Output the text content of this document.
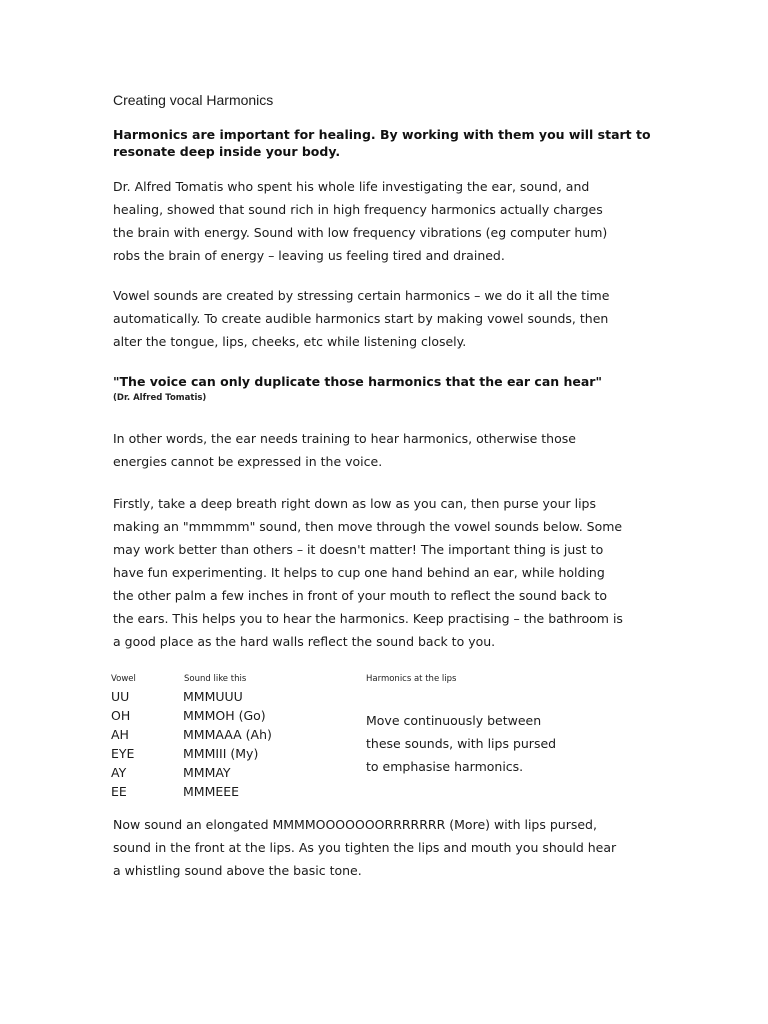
Creating vocal Harmonics
Harmonics are important for healing. By working with them you will start to
resonate deep inside your body.
Dr. Alfred Tomatis who spent his whole life investigating the ear, sound, and
healing, showed that sound rich in high frequency harmonics actually charges
the brain with energy. Sound with low frequency vibrations (eg computer hum)
robs the brain of energy – leaving us feeling tired and drained.
Vowel sounds are created by stressing certain harmonics – we do it all the time
automatically. To create audible harmonics start by making vowel sounds, then
alter the tongue, lips, cheeks, etc while listening closely.
"The voice can only duplicate those harmonics that the ear can hear"
(Dr. Alfred Tomatis)
In other words, the ear needs training to hear harmonics, otherwise those
energies cannot be expressed in the voice.
Firstly, take a deep breath right down as low as you can, then purse your lips
making an "mmmmm" sound, then move through the vowel sounds below. Some
may work better than others – it doesn't matter! The important thing is just to
have fun experimenting. It helps to cup one hand behind an ear, while holding
the other palm a few inches in front of your mouth to reflect the sound back to
the ears. This helps you to hear the harmonics. Keep practising – the bathroom is
a good place as the hard walls reflect the sound back to you.
Vowel	Sound like this	Harmonics at the lips
UU
OH
AH
EYE
AY
EE
MMMUUU
MMMOH (Go)
MMMAAA (Ah)
MMMIII (My)
MMMAY
MMMEEE
Move continuously between
these sounds, with lips pursed
to emphasise harmonics.
Now sound an elongated MMMMOOOOOOORRRRRRR (More) with lips pursed,
sound in the front at the lips. As you tighten the lips and mouth you should hear
a whistling sound above the basic tone.
